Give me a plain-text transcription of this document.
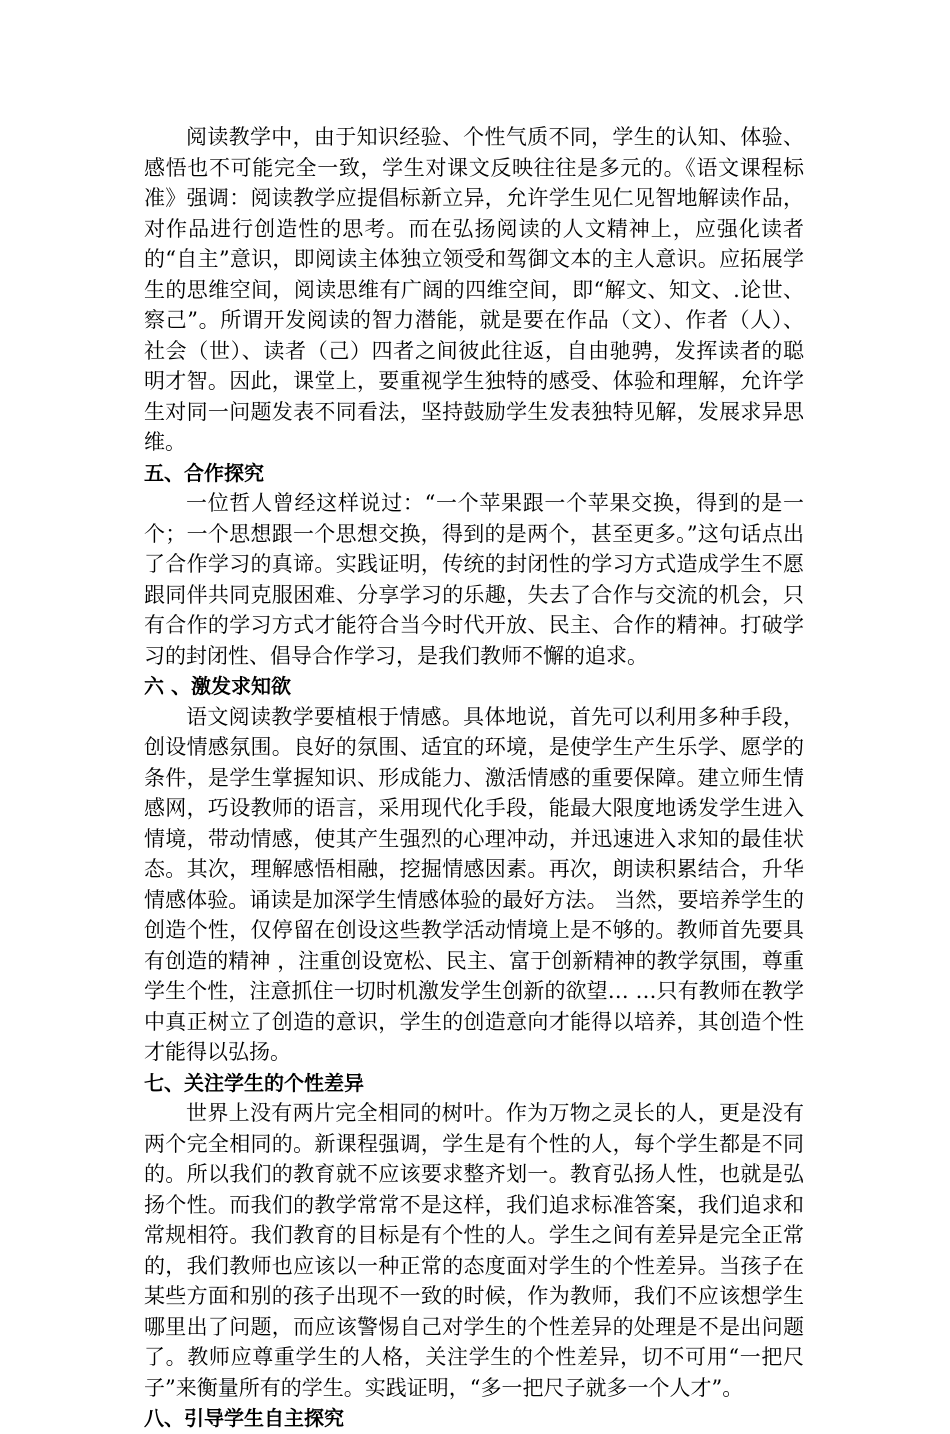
阅读教学中，由于知识经验、个性气质不同，学生的认知、体验、感悟也不可能完全一致，学生对课文反映往往是多元的。《语文课程标准》强调：阅读教学应提倡标新立异，允许学生见仁见智地解读作品，对作品进行创造性的思考。而在弘扬阅读的人文精神上，应强化读者的“自主”意识，即阅读主体独立领受和驾御文本的主人意识。应拓展学生的思维空间，阅读思维有广阔的四维空间，即“解文、知文、.论世、察己”。所谓开发阅读的智力潜能，就是要在作品（文）、作者（人）、社会（世）、读者（己）四者之间彼此往返，自由驰骋，发挥读者的聪明才智。因此，课堂上，要重视学生独特的感受、体验和理解，允许学生对同一问题发表不同看法，坚持鼓励学生发表独特见解，发展求异思维。

五、合作探究

一位哲人曾经这样说过：“一个苹果跟一个苹果交换，得到的是一个；一个思想跟一个思想交换，得到的是两个，甚至更多。”这句话点出了合作学习的真谛。实践证明，传统的封闭性的学习方式造成学生不愿跟同伴共同克服困难、分享学习的乐趣，失去了合作与交流的机会，只有合作的学习方式才能符合当今时代开放、民主、合作的精神。打破学习的封闭性、倡导合作学习，是我们教师不懈的追求。

六 、激发求知欲

语文阅读教学要植根于情感。具体地说，首先可以利用多种手段，创设情感氛围。良好的氛围、适宜的环境，是使学生产生乐学、愿学的条件，是学生掌握知识、形成能力、激活情感的重要保障。建立师生情感网，巧设教师的语言，采用现代化手段，能最大限度地诱发学生进入情境，带动情感，使其产生强烈的心理冲动，并迅速进入求知的最佳状态。其次，理解感悟相融，挖掘情感因素。再次，朗读积累结合，升华情感体验。诵读是加深学生情感体验的最好方法。 当然，要培养学生的创造个性，仅停留在创设这些教学活动情境上是不够的。教师首先要具有创造的精神 ，注重创设宽松、民主、富于创新精神的教学氛围，尊重学生个性，注意抓住一切时机激发学生创新的欲望… …只有教师在教学中真正树立了创造的意识，学生的创造意向才能得以培养，其创造个性才能得以弘扬。

七、关注学生的个性差异

世界上没有两片完全相同的树叶。作为万物之灵长的人，更是没有两个完全相同的。新课程强调，学生是有个性的人，每个学生都是不同的。所以我们的教育就不应该要求整齐划一。教育弘扬人性，也就是弘扬个性。而我们的教学常常不是这样，我们追求标准答案，我们追求和常规相符。我们教育的目标是有个性的人。学生之间有差异是完全正常的，我们教师也应该以一种正常的态度面对学生的个性差异。当孩子在某些方面和别的孩子出现不一致的时候，作为教师，我们不应该想学生哪里出了问题，而应该警惕自己对学生的个性差异的处理是不是出问题了。教师应尊重学生的人格，关注学生的个性差异，切不可用“一把尺子”来衡量所有的学生。实践证明，“多一把尺子就多一个人才”。

八、引导学生自主探究
